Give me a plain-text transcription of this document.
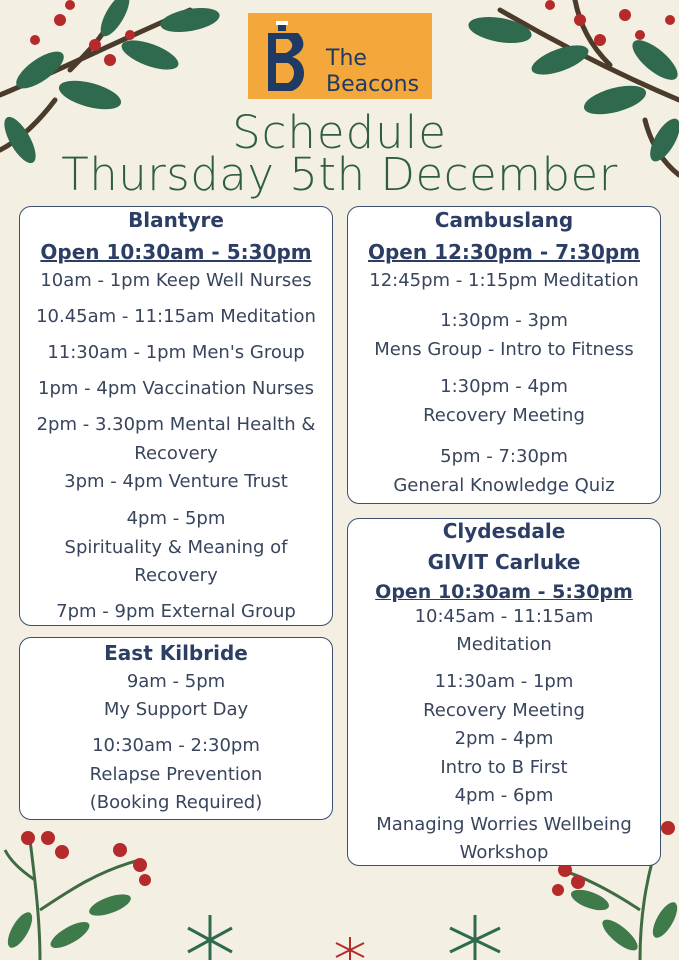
The
Beacons
Schedule
Thursday 5th December
Blantyre
Open 10:30am - 5:30pm
10am - 1pm Keep Well Nurses
10.45am - 11:15am Meditation
11:30am - 1pm Men's Group
1pm - 4pm Vaccination Nurses
2pm - 3.30pm Mental Health &
Recovery
3pm - 4pm Venture Trust
4pm - 5pm
Spirituality & Meaning of
Recovery
7pm - 9pm External Group
East Kilbride
9am - 5pm
My Support Day
10:30am - 2:30pm
Relapse Prevention
(Booking Required)
Cambuslang
Open 12:30pm - 7:30pm
12:45pm - 1:15pm Meditation
1:30pm - 3pm
Mens Group - Intro to Fitness
1:30pm - 4pm
Recovery Meeting
5pm - 7:30pm
General Knowledge Quiz
Clydesdale
GIVIT Carluke
Open 10:30am - 5:30pm
10:45am - 11:15am
Meditation
11:30am - 1pm
Recovery Meeting
2pm - 4pm
Intro to B First
4pm - 6pm
Managing Worries Wellbeing
Workshop
